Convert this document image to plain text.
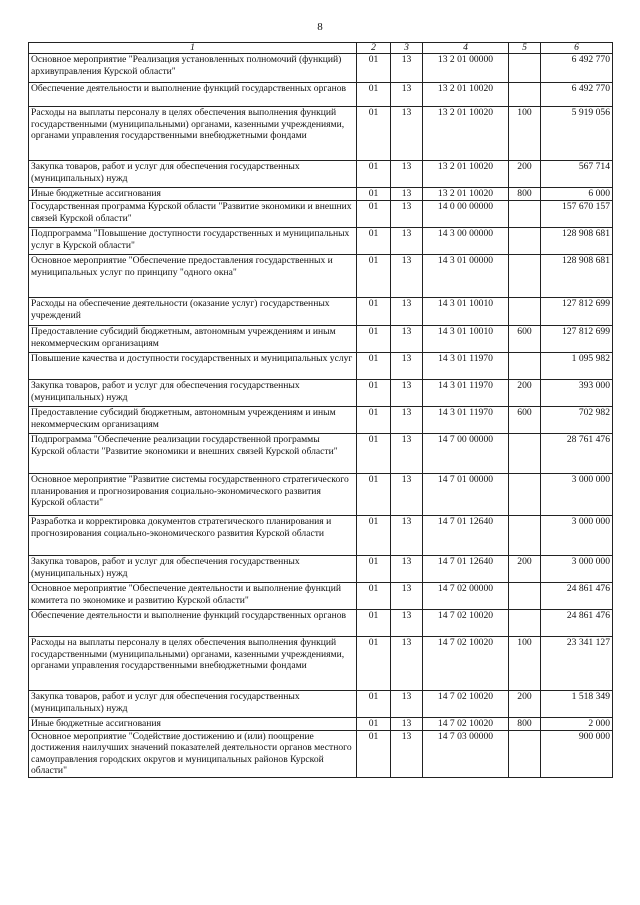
8
1	2	3	4	5	6
Основное мероприятие "Реализация установленных полномочий (функций) архивуправления Курской области"	01	13	13 2 01 00000		6 492 770
Обеспечение деятельности и выполнение функций государственных органов	01	13	13 2 01 10020		6 492 770
Расходы на выплаты персоналу в целях обеспечения выполнения функций государственными (муниципальными) органами, казенными учреждениями, органами управления государственными внебюджетными фондами	01	13	13 2 01 10020	100	5 919 056
Закупка товаров, работ и услуг для обеспечения государственных (муниципальных) нужд	01	13	13 2 01 10020	200	567 714
Иные бюджетные ассигнования	01	13	13 2 01 10020	800	6 000
Государственная программа Курской области "Развитие экономики и внешних связей Курской области"	01	13	14 0 00 00000		157 670 157
Подпрограмма "Повышение доступности государственных и муниципальных услуг в Курской области"	01	13	14 3 00 00000		128 908 681
Основное мероприятие "Обеспечение предоставления государственных и муниципальных услуг по принципу "одного окна"	01	13	14 3 01 00000		128 908 681
Расходы на обеспечение деятельности (оказание услуг) государственных учреждений	01	13	14 3 01 10010		127 812 699
Предоставление субсидий бюджетным, автономным учреждениям и иным некоммерческим организациям	01	13	14 3 01 10010	600	127 812 699
Повышение качества и доступности государственных и муниципальных услуг	01	13	14 3 01 11970		1 095 982
Закупка товаров, работ и услуг для обеспечения государственных (муниципальных) нужд	01	13	14 3 01 11970	200	393 000
Предоставление субсидий бюджетным, автономным учреждениям и иным некоммерческим организациям	01	13	14 3 01 11970	600	702 982
Подпрограмма "Обеспечение реализации государственной программы Курской области "Развитие экономики и внешних связей Курской области"	01	13	14 7 00 00000		28 761 476
Основное мероприятие "Развитие системы государственного стратегического планирования и прогнозирования социально-экономического развития Курской области"	01	13	14 7 01 00000		3 000 000
Разработка и корректировка документов стратегического планирования и прогнозирования социально-экономического развития Курской области	01	13	14 7 01 12640		3 000 000
Закупка товаров, работ и услуг для обеспечения государственных (муниципальных) нужд	01	13	14 7 01 12640	200	3 000 000
Основное мероприятие "Обеспечение деятельности и выполнение функций комитета по экономике и развитию Курской области"	01	13	14 7 02 00000		24 861 476
Обеспечение деятельности и выполнение функций государственных органов	01	13	14 7 02 10020		24 861 476
Расходы на выплаты персоналу в целях обеспечения выполнения функций государственными (муниципальными) органами, казенными учреждениями, органами управления государственными внебюджетными фондами	01	13	14 7 02 10020	100	23 341 127
Закупка товаров, работ и услуг для обеспечения государственных (муниципальных) нужд	01	13	14 7 02 10020	200	1 518 349
Иные бюджетные ассигнования	01	13	14 7 02 10020	800	2 000
Основное мероприятие "Содействие достижению и (или) поощрение достижения наилучших значений показателей деятельности органов местного самоуправления городских округов и муниципальных районов Курской области"	01	13	14 7 03 00000		900 000
